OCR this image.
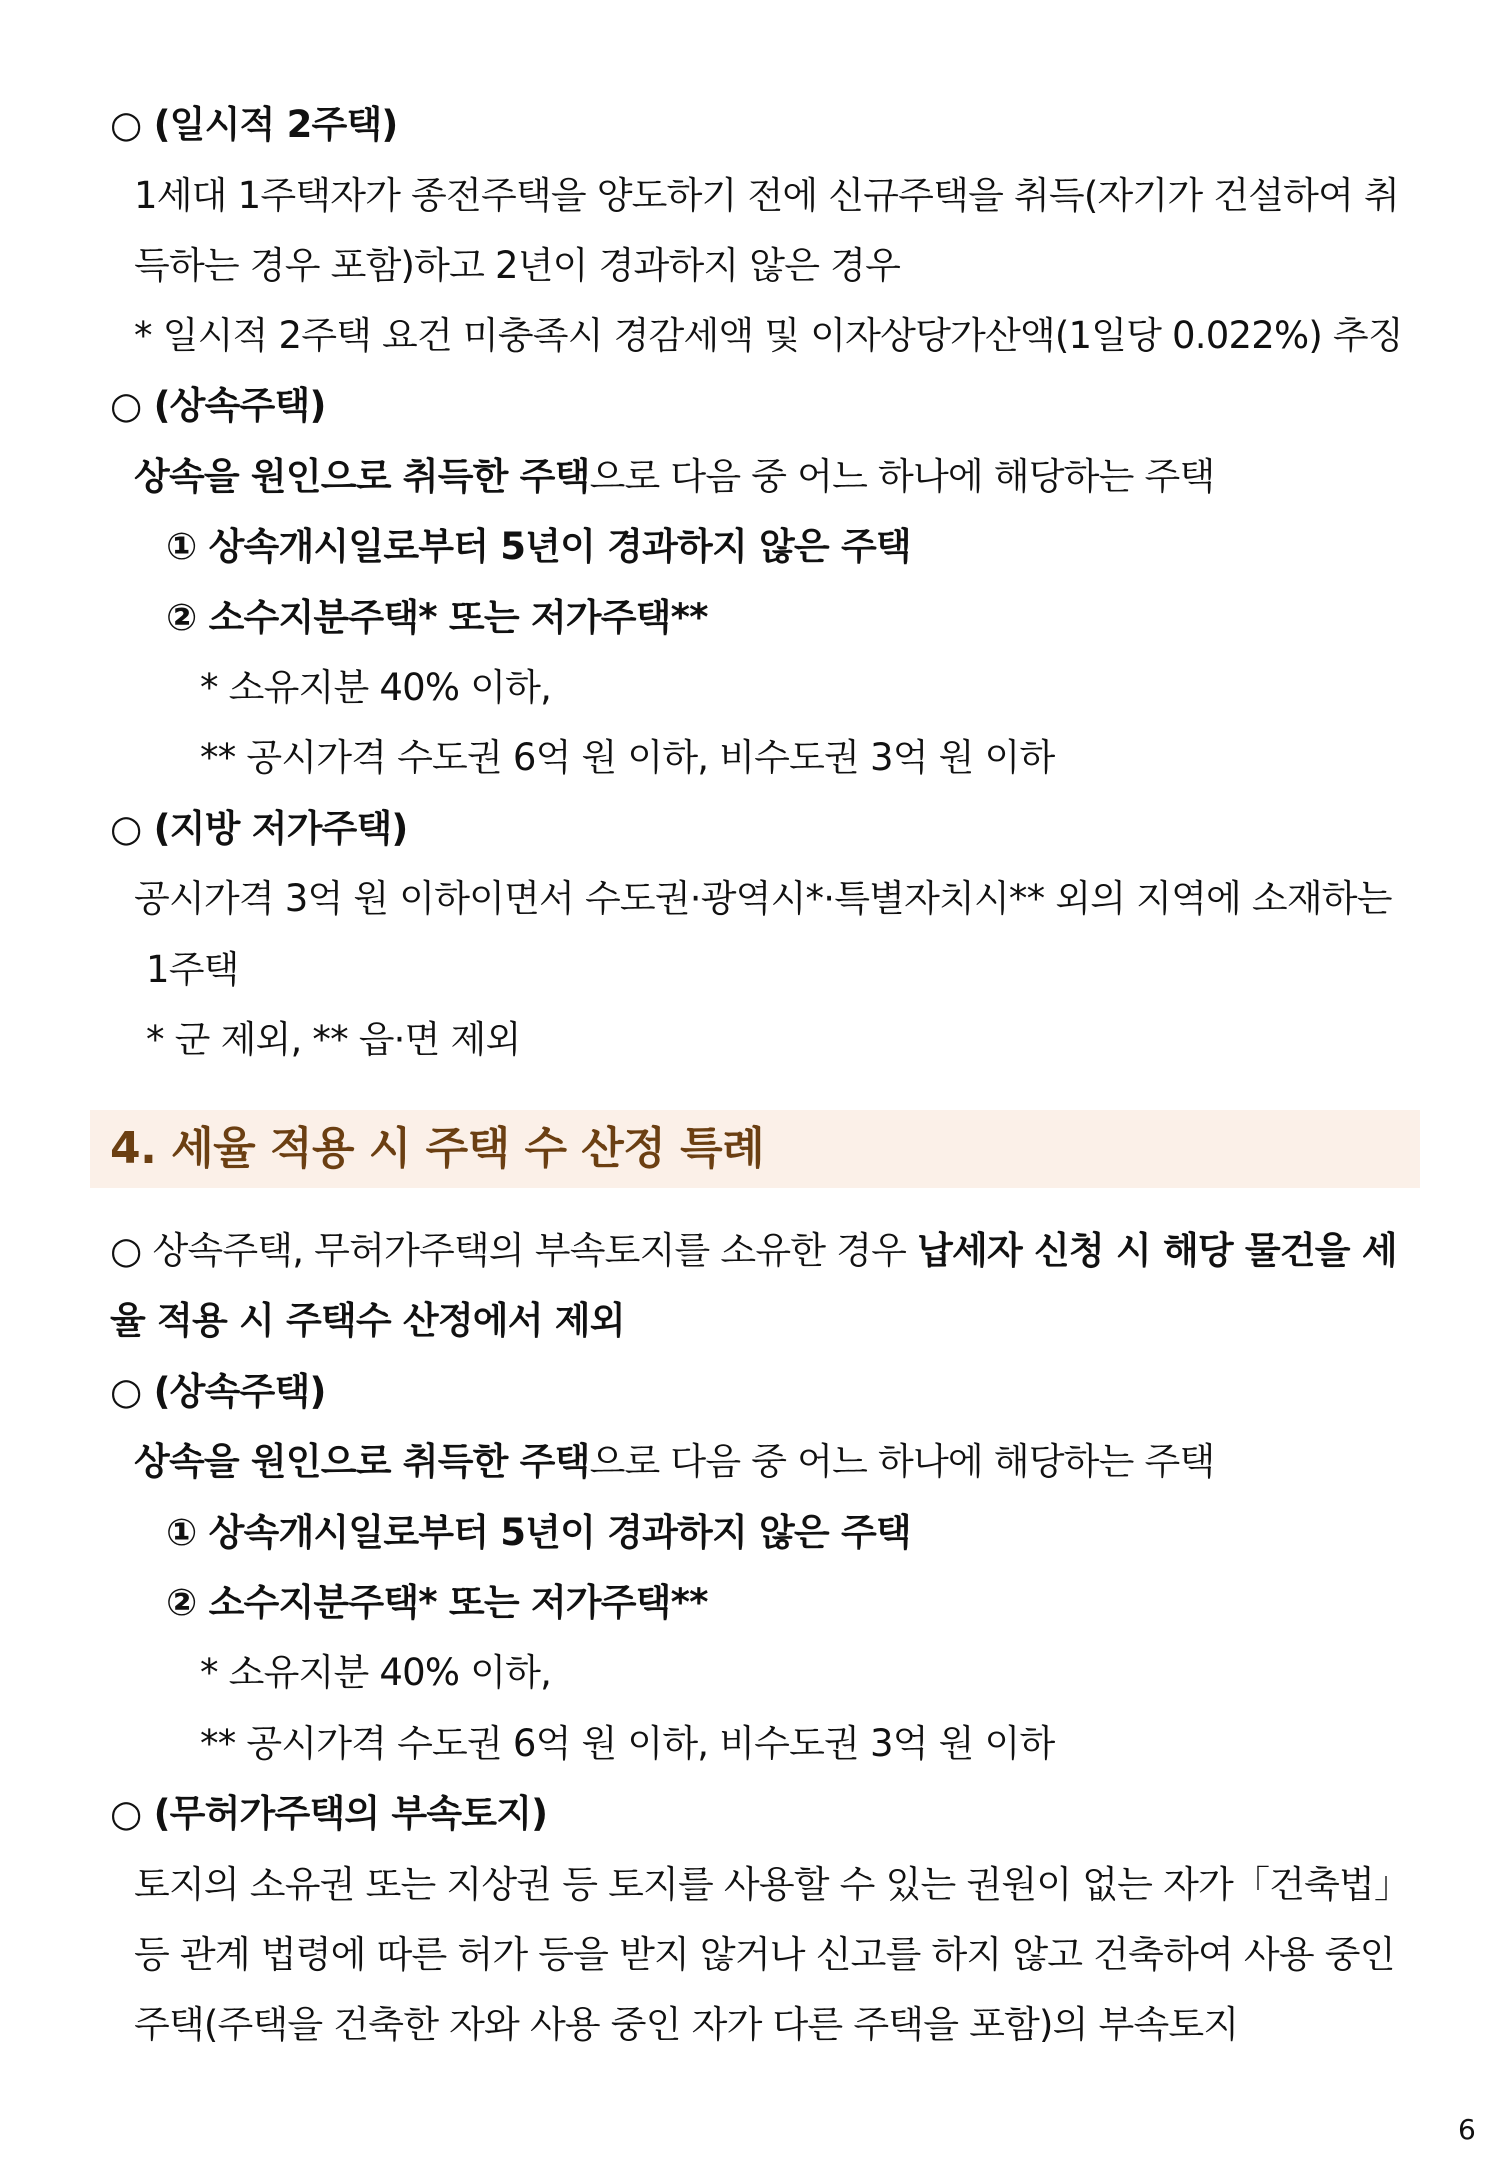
○ (일시적 2주택)
1세대 1주택자가 종전주택을 양도하기 전에 신규주택을 취득(자기가 건설하여 취
득하는 경우 포함)하고 2년이 경과하지 않은 경우
* 일시적 2주택 요건 미충족시 경감세액 및 이자상당가산액(1일당 0.022%) 추징
○ (상속주택)
상속을 원인으로 취득한 주택으로 다음 중 어느 하나에 해당하는 주택
① 상속개시일로부터 5년이 경과하지 않은 주택
② 소수지분주택* 또는 저가주택**
* 소유지분 40% 이하,
** 공시가격 수도권 6억 원 이하, 비수도권 3억 원 이하
○ (지방 저가주택)
공시가격 3억 원 이하이면서 수도권·광역시*·특별자치시** 외의 지역에 소재하는
1주택
* 군 제외, ** 읍·면 제외
4. 세율 적용 시 주택 수 산정 특례
○ 상속주택, 무허가주택의 부속토지를 소유한 경우 납세자 신청 시 해당 물건을 세
율 적용 시 주택수 산정에서 제외
○ (상속주택)
상속을 원인으로 취득한 주택으로 다음 중 어느 하나에 해당하는 주택
① 상속개시일로부터 5년이 경과하지 않은 주택
② 소수지분주택* 또는 저가주택**
* 소유지분 40% 이하,
** 공시가격 수도권 6억 원 이하, 비수도권 3억 원 이하
○ (무허가주택의 부속토지)
토지의 소유권 또는 지상권 등 토지를 사용할 수 있는 권원이 없는 자가「건축법」
등 관계 법령에 따른 허가 등을 받지 않거나 신고를 하지 않고 건축하여 사용 중인
주택(주택을 건축한 자와 사용 중인 자가 다른 주택을 포함)의 부속토지
6
